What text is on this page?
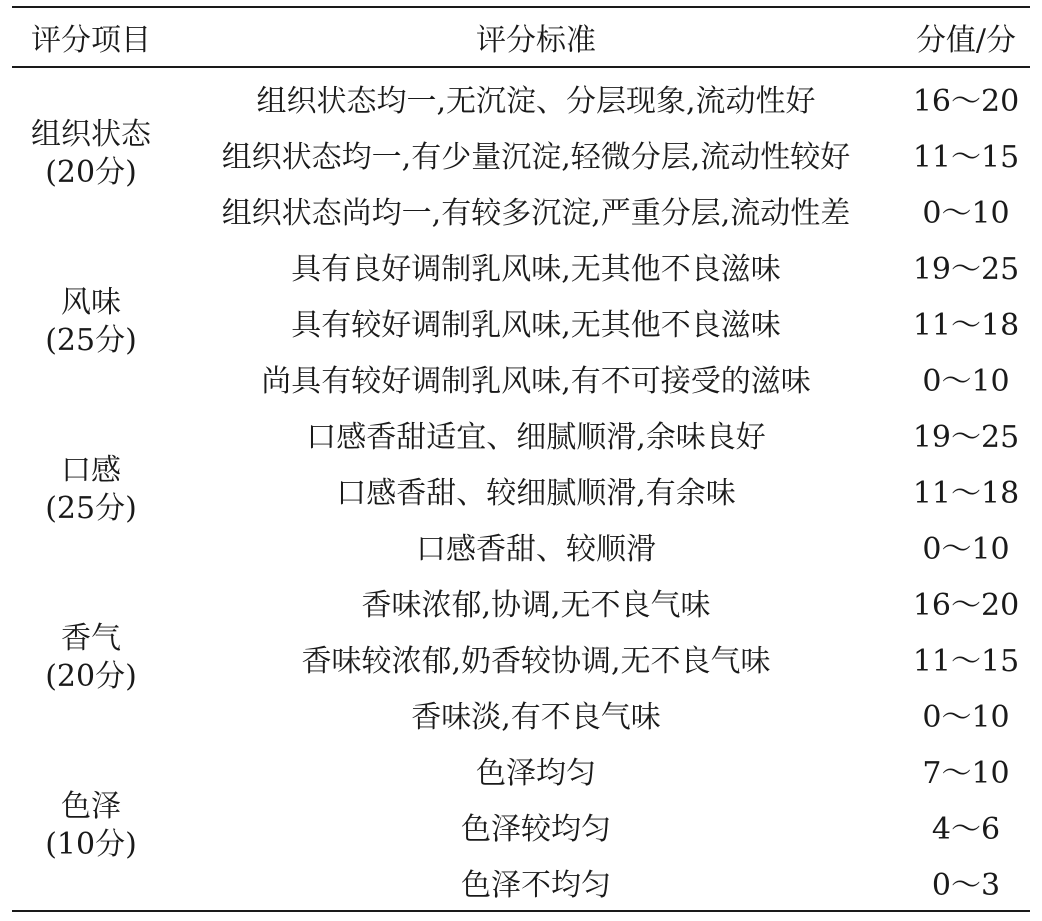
评分项目	评分标准	分值/分
组织状态
(20分)
组织状态均一,无沉淀、分层现象,流动性好	16～20
组织状态均一,有少量沉淀,轻微分层,流动性较好	11～15
组织状态尚均一,有较多沉淀,严重分层,流动性差	0～10
风味
(25分)
具有良好调制乳风味,无其他不良滋味	19～25
具有较好调制乳风味,无其他不良滋味	11～18
尚具有较好调制乳风味,有不可接受的滋味	0～10
口感
(25分)
口感香甜适宜、细腻顺滑,余味良好	19～25
口感香甜、较细腻顺滑,有余味	11～18
口感香甜、较顺滑	0～10
香气
(20分)
香味浓郁,协调,无不良气味	16～20
香味较浓郁,奶香较协调,无不良气味	11～15
香味淡,有不良气味	0～10
色泽
(10分)
色泽均匀	7～10
色泽较均匀	4～6
色泽不均匀	0～3
